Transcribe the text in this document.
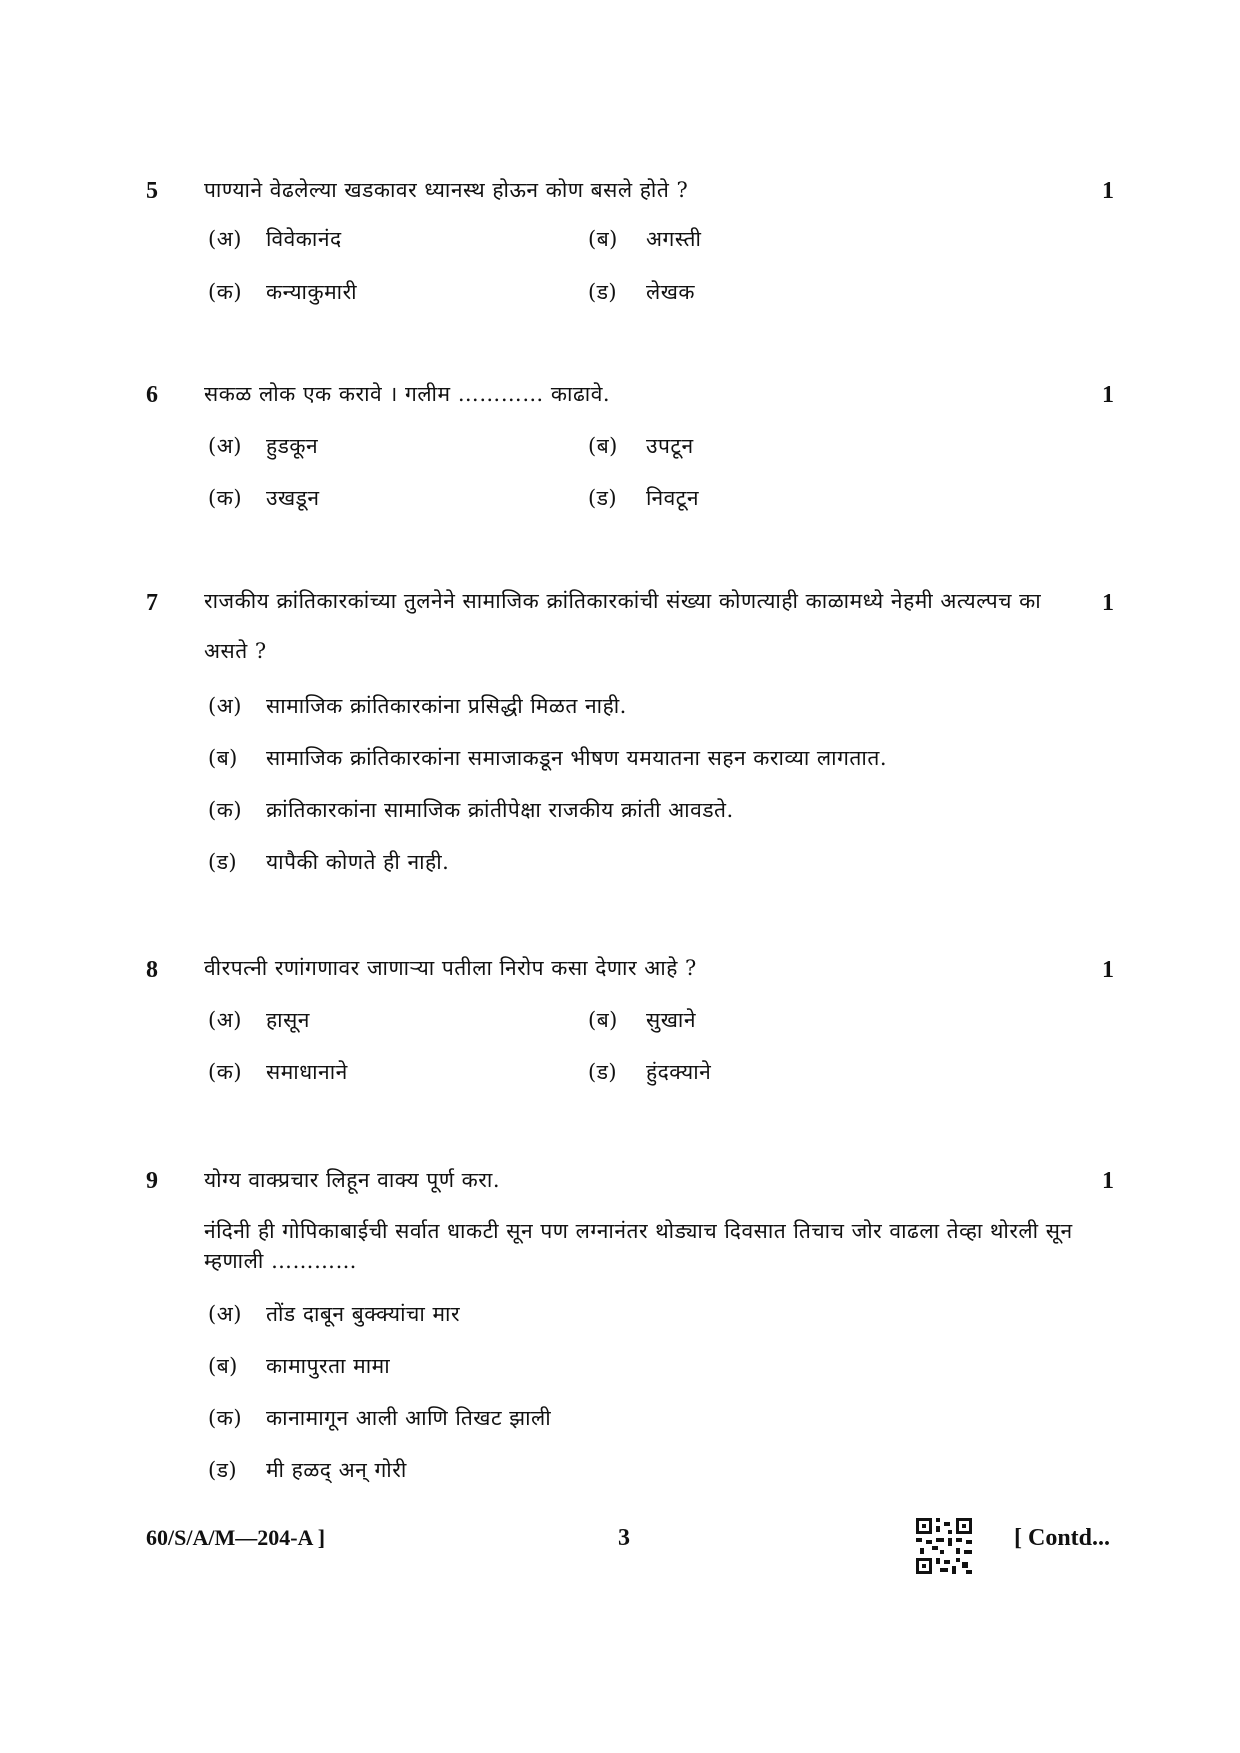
5 पाण्याने वेढलेल्या खडकावर ध्यानस्थ होऊन कोण बसले होते ?	1
(अ) विवेकानंद	(ब) अगस्ती
(क) कन्याकुमारी	(ड) लेखक
6 सकळ लोक एक करावे । गलीम ………… काढावे.	1
(अ) हुडकून	(ब) उपटून
(क) उखडून	(ड) निवटून
7 राजकीय क्रांतिकारकांच्या तुलनेने सामाजिक क्रांतिकारकांची संख्या कोणत्याही काळामध्ये नेहमी अत्यल्पच का असते ?
1
(अ) सामाजिक क्रांतिकारकांना प्रसिद्धी मिळत नाही.
(ब) सामाजिक क्रांतिकारकांना समाजाकडून भीषण यमयातना सहन कराव्या लागतात.
(क) क्रांतिकारकांना सामाजिक क्रांतीपेक्षा राजकीय क्रांती आवडते.
(ड) यापैकी कोणते ही नाही.
8 वीरपत्नी रणांगणावर जाणाऱ्या पतीला निरोप कसा देणार आहे ?	1
(अ) हासून	(ब) सुखाने
(क) समाधानाने	(ड) हुंदक्याने
9 योग्य वाक्प्रचार लिहून वाक्य पूर्ण करा.	1
नंदिनी ही गोपिकाबाईची सर्वात धाकटी सून पण लग्नानंतर थोड्याच दिवसात तिचाच जोर वाढला तेव्हा थोरली सून म्हणाली …………
(अ) तोंड दाबून बुक्क्यांचा मार
(ब) कामापुरता मामा
(क) कानामागून आली आणि तिखट झाली
(ड) मी हळद् अन् गोरी
60/S/A/M—204-A ]	3	[ Contd...
